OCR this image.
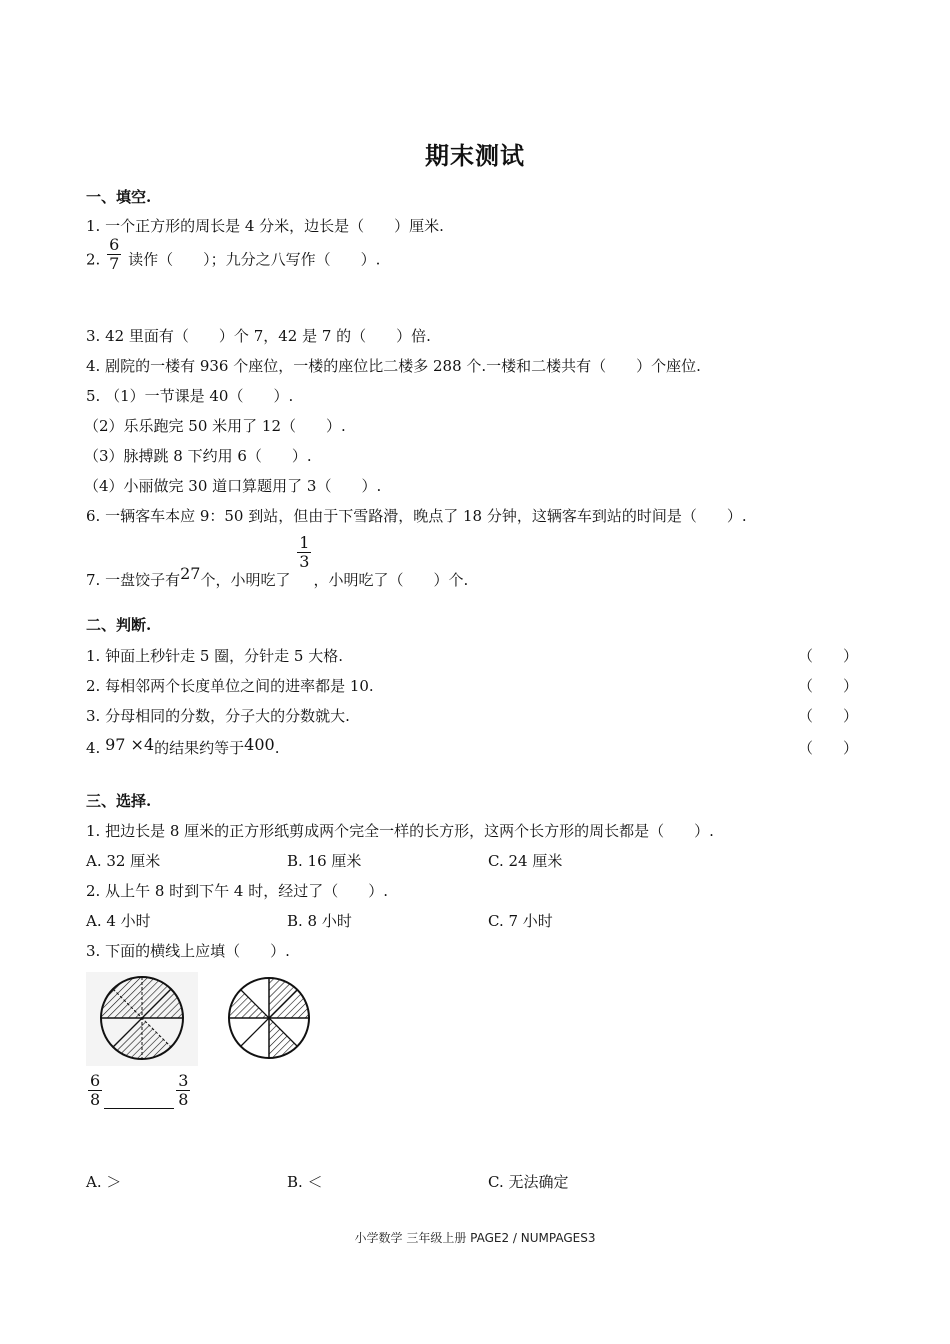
期末测试
一、填空.
1. 一个正方形的周长是 4 分米，边长是（　　）厘米.
2. $\frac{6}{7}$ 读作（　　）；九分之八写作（　　）.
3. 42 里面有（　　）个 7，42 是 7 的（　　）倍.
4. 剧院的一楼有 936 个座位，一楼的座位比二楼多 288 个.一楼和二楼共有（　　）个座位.
5. （1）一节课是 40（　　）.
（2）乐乐跑完 50 米用了 12（　　）.
（3）脉搏跳 8 下约用 6（　　）.
（4）小丽做完 30 道口算题用了 3（　　）.
6. 一辆客车本应 9：50 到站，但由于下雪路滑，晚点了 18 分钟，这辆客车到站的时间是（　　）.
7. 一盘饺子有27个，小明吃了
$\frac{1}{3}$
，小明吃了（　　）个.
二、判断.
1. 钟面上秒针走 5 圈，分针走 5 大格.	（　　）
2. 每相邻两个长度单位之间的进率都是 10.	（　　）
3. 分母相同的分数，分子大的分数就大.	（　　）
4. 97 ×4的结果约等于400.	（　　）
三、选择.
1. 把边长是 8 厘米的正方形纸剪成两个完全一样的长方形，这两个长方形的周长都是（　　）.
A. 32 厘米	B. 16 厘米	C. 24 厘米
2. 从上午 8 时到下午 4 时，经过了（　　）.
A. 4 小时	B. 8 小时	C. 7 小时
3. 下面的横线上应填（　　）.
$\frac{6}{8}$	$\frac{3}{8}$
A. ＞	B. ＜	C. 无法确定
小学数学 三年级上册 PAGE2 / NUMPAGES3
